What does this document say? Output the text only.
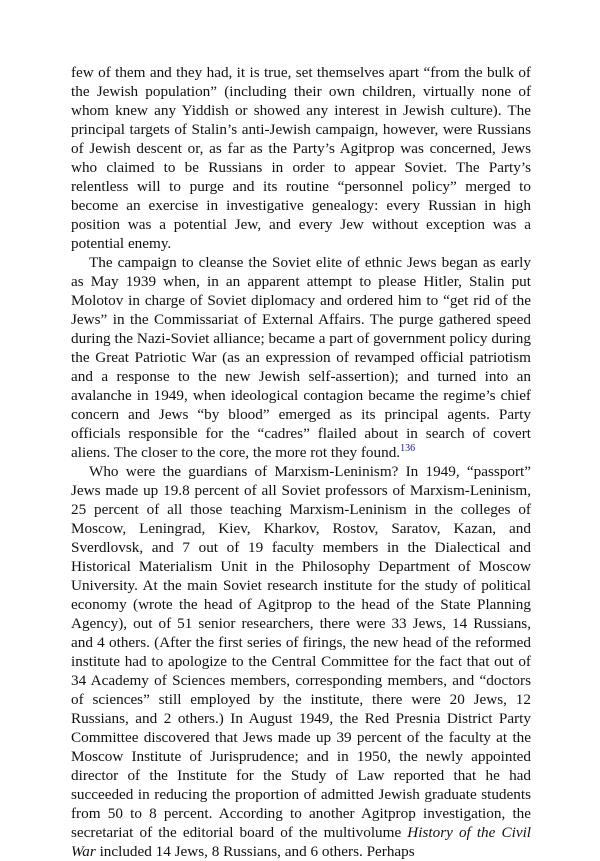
few of them and they had, it is true, set themselves apart “from the bulk of the Jewish population” (including their own children, virtually none of whom knew any Yiddish or showed any interest in Jewish culture). The principal targets of Stalin’s anti-Jewish campaign, however, were Russians of Jewish descent or, as far as the Party’s Agitprop was concerned, Jews who claimed to be Russians in order to appear Soviet. The Party’s relentless will to purge and its routine “personnel policy” merged to become an exercise in investigative genealogy: every Russian in high position was a potential Jew, and every Jew without exception was a potential enemy.

The campaign to cleanse the Soviet elite of ethnic Jews began as early as May 1939 when, in an apparent attempt to please Hitler, Stalin put Molotov in charge of Soviet diplomacy and ordered him to “get rid of the Jews” in the Commissariat of External Affairs. The purge gathered speed during the Nazi-Soviet alliance; became a part of government policy during the Great Patriotic War (as an expression of revamped official patriotism and a response to the new Jewish self-assertion); and turned into an avalanche in 1949, when ideological contagion became the regime’s chief concern and Jews “by blood” emerged as its principal agents. Party officials responsible for the “cadres” flailed about in search of covert aliens. The closer to the core, the more rot they found.$^{136}$

Who were the guardians of Marxism-Leninism? In 1949, “passport” Jews made up 19.8 percent of all Soviet professors of Marxism-Leninism, 25 percent of all those teaching Marxism-Leninism in the colleges of Moscow, Leningrad, Kiev, Kharkov, Rostov, Saratov, Kazan, and Sverdlovsk, and 7 out of 19 faculty members in the Dialectical and Historical Materialism Unit in the Philosophy Department of Moscow University. At the main Soviet research institute for the study of political economy (wrote the head of Agitprop to the head of the State Planning Agency), out of 51 senior researchers, there were 33 Jews, 14 Russians, and 4 others. (After the first series of firings, the new head of the reformed institute had to apologize to the Central Committee for the fact that out of 34 Academy of Sciences members, corresponding members, and “doctors of sciences” still employed by the institute, there were 20 Jews, 12 Russians, and 2 others.) In August 1949, the Red Presnia District Party Committee discovered that Jews made up 39 percent of the faculty at the Moscow Institute of Jurisprudence; and in 1950, the newly appointed director of the Institute for the Study of Law reported that he had succeeded in reducing the proportion of admitted Jewish graduate students from 50 to 8 percent. According to another Agitprop investigation, the secretariat of the editorial board of the multivolume History of the Civil War included 14 Jews, 8 Russians, and 6 others. Perhaps
